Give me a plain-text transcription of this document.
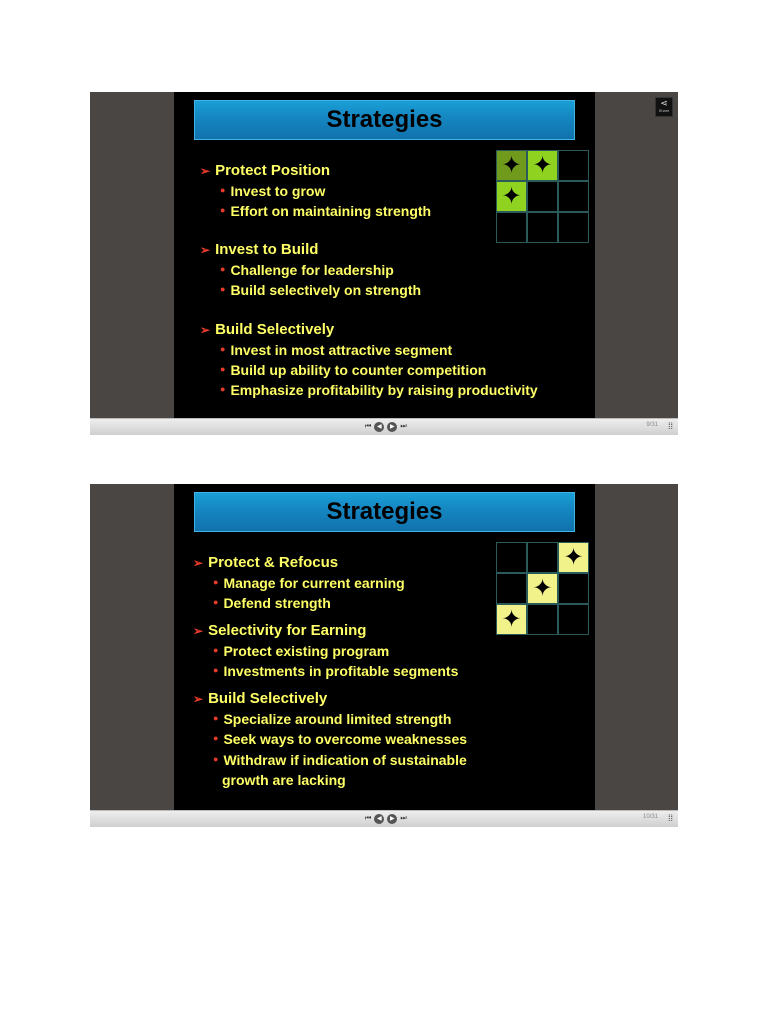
Strategies
✦ ✦
✦
➢ Protect Position
● Invest to grow
● Effort on maintaining strength
➢ Invest to Build
● Challenge for leadership
● Build selectively on strength
➢ Build Selectively
● Invest in most attractive segment
● Build up ability to counter competition
● Emphasize profitability by raising productivity
⋖
Share
⏮ ◀	▶ ⏭	9/31 ⁞⁞
Strategies
✦
✦
✦
➢ Protect & Refocus
● Manage for current earning
● Defend strength
➢ Selectivity for Earning
● Protect existing program
● Investments in profitable segments
➢ Build Selectively
● Specialize around limited strength
● Seek ways to overcome weaknesses
● Withdraw if indication of sustainable
growth are lacking
⏮ ◀	▶ ⏭	10/31 ⁞⁞
